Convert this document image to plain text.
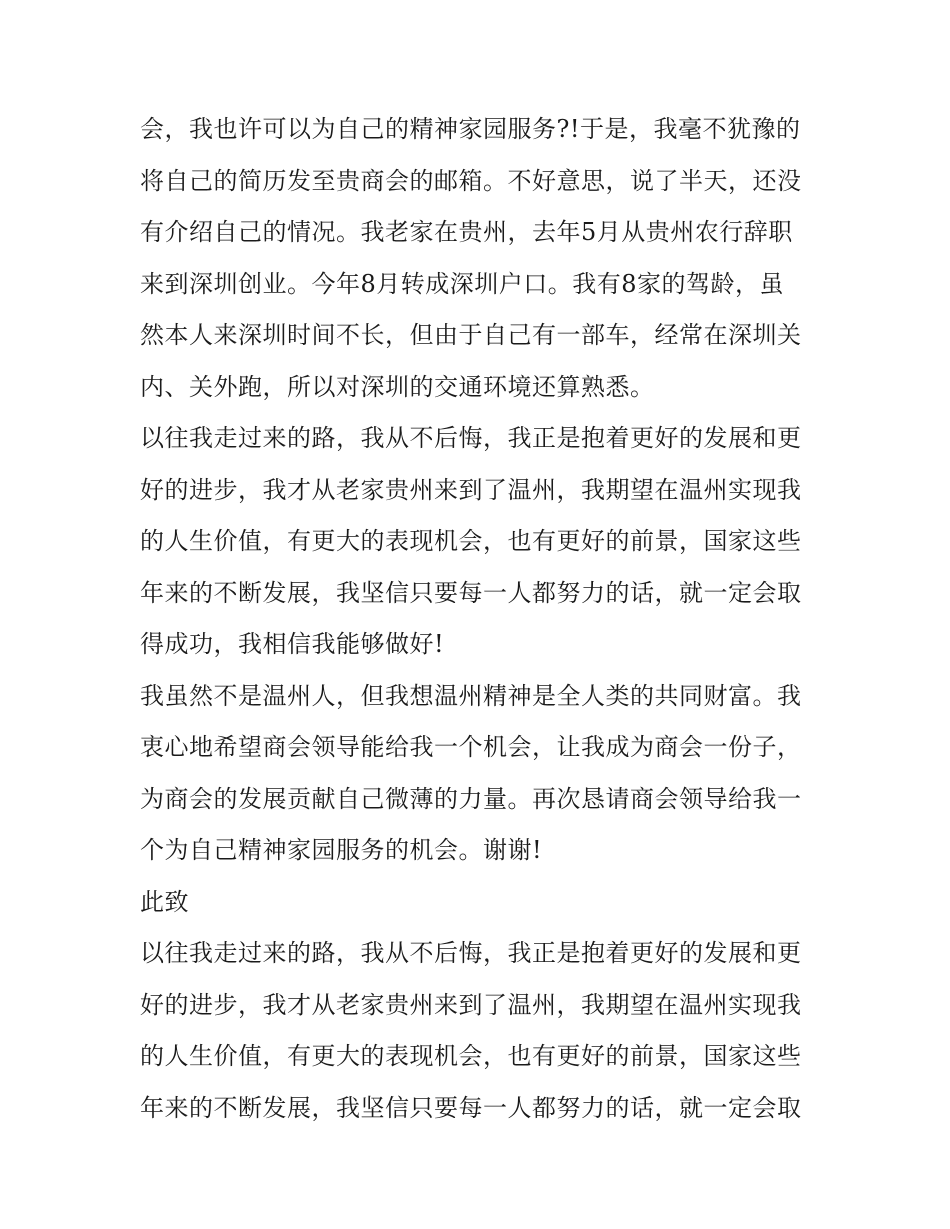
会，我也许可以为自己的精神家园服务?!于是，我毫不犹豫的
将自己的简历发至贵商会的邮箱。不好意思，说了半天，还没
有介绍自己的情况。我老家在贵州，去年5月从贵州农行辞职
来到深圳创业。今年8月转成深圳户口。我有8家的驾龄，虽
然本人来深圳时间不长，但由于自己有一部车，经常在深圳关
内、关外跑，所以对深圳的交通环境还算熟悉。
以往我走过来的路，我从不后悔，我正是抱着更好的发展和更
好的进步，我才从老家贵州来到了温州，我期望在温州实现我
的人生价值，有更大的表现机会，也有更好的前景，国家这些
年来的不断发展，我坚信只要每一人都努力的话，就一定会取
得成功，我相信我能够做好!
我虽然不是温州人，但我想温州精神是全人类的共同财富。我
衷心地希望商会领导能给我一个机会，让我成为商会一份子，
为商会的发展贡献自己微薄的力量。再次恳请商会领导给我一
个为自己精神家园服务的机会。谢谢!
此致
以往我走过来的路，我从不后悔，我正是抱着更好的发展和更
好的进步，我才从老家贵州来到了温州，我期望在温州实现我
的人生价值，有更大的表现机会，也有更好的前景，国家这些
年来的不断发展，我坚信只要每一人都努力的话，就一定会取
